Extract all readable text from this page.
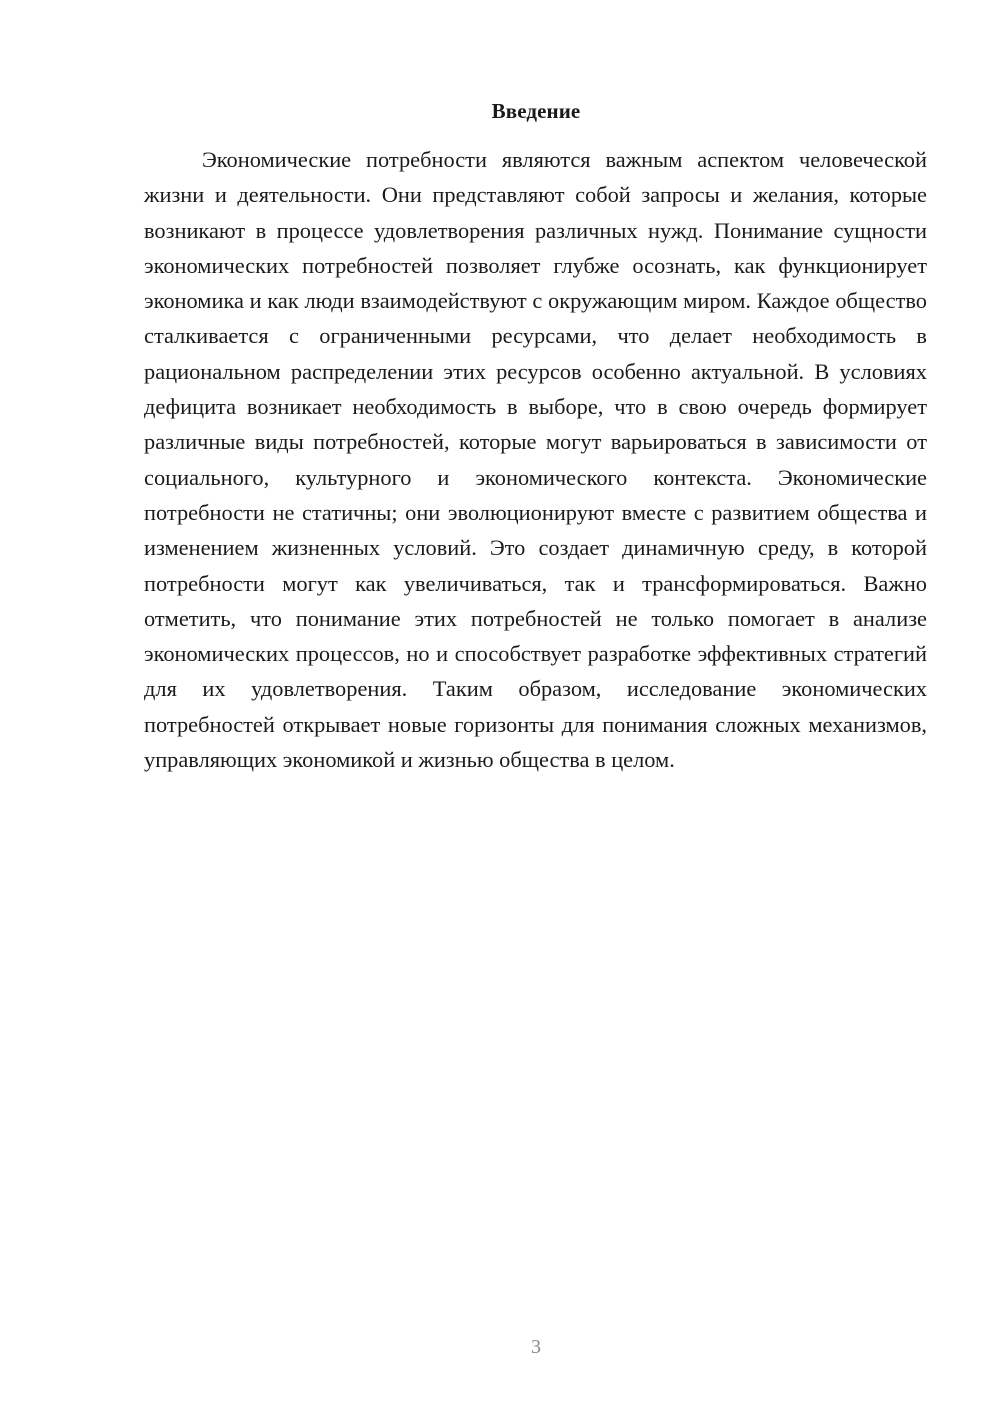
Введение

Экономические потребности являются важным аспектом человеческой жизни и деятельности. Они представляют собой запросы и желания, которые возникают в процессе удовлетворения различных нужд. Понимание сущности экономических потребностей позволяет глубже осознать, как функционирует экономика и как люди взаимодействуют с окружающим миром. Каждое общество сталкивается с ограниченными ресурсами, что делает необходимость в рациональном распределении этих ресурсов особенно актуальной. В условиях дефицита возникает необходимость в выборе, что в свою очередь формирует различные виды потребностей, которые могут варьироваться в зависимости от социального, культурного и экономического контекста. Экономические потребности не статичны; они эволюционируют вместе с развитием общества и изменением жизненных условий. Это создает динамичную среду, в которой потребности могут как увеличиваться, так и трансформироваться. Важно отметить, что понимание этих потребностей не только помогает в анализе экономических процессов, но и способствует разработке эффективных стратегий для их удовлетворения. Таким образом, исследование экономических потребностей открывает новые горизонты для понимания сложных механизмов, управляющих экономикой и жизнью общества в целом.

3
